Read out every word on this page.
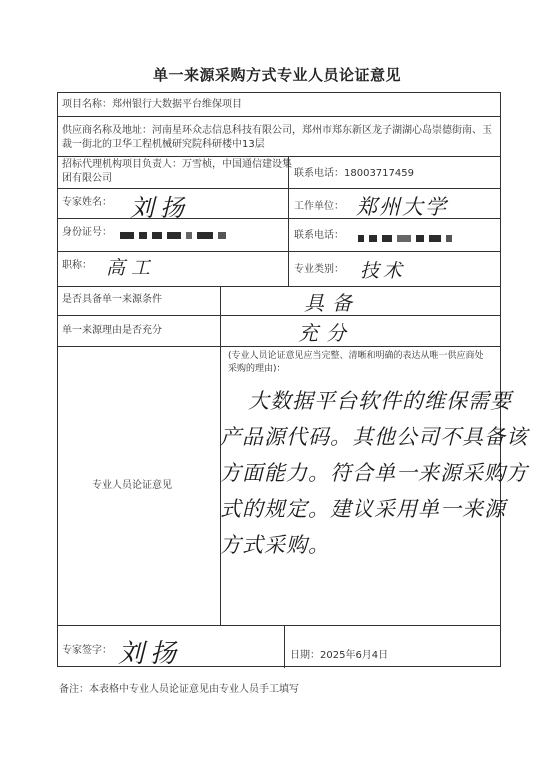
单一来源采购方式专业人员论证意见
项目名称：郑州银行大数据平台维保项目
供应商名称及地址：河南星环众志信息科技有限公司，郑州市郑东新区龙子湖湖心岛崇德街南、玉
裁一街北的卫华工程机械研究院科研楼中13层
招标代理机构项目负责人：万雪桢，中国通信建设集
团有限公司	联系电话：18003717459
专家姓名： 刘扬	工作单位： 郑州大学
身份证号：	联系电话：
职称： 高工	专业类别： 技术
是否具备单一来源条件	具备
单一来源理由是否充分	充分
专业人员论证意见
(专业人员论证意见应当完整、清晰和明确的表达从唯一供应商处
采购的理由)：
大数据平台软件的维保需要
产品源代码。其他公司不具备该
方面能力。符合单一来源采购方
式的规定。建议采用单一来源
方式采购。
专家签字： 刘扬	日期：2025年6月4日
备注：本表格中专业人员论证意见由专业人员手工填写
